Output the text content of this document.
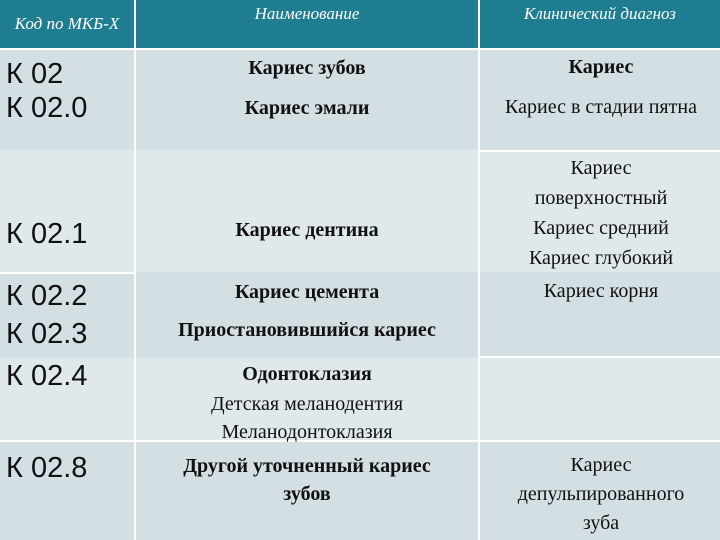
Код по МКБ-Х
Наименование	Клинический диагноз
К 02
К 02.0
К 02.1
К 02.2
К 02.3
К 02.4
К 02.8
Кариес зубов
Кариес эмали
Кариес дентина
Кариес цемента
Приостановившийся кариес
Одонтоклазия
Детская меланодентия
Меланодонтоклазия
Другой уточненный кариес
зубов
Кариес
Кариес в стадии пятна
Кариес
поверхностный
Кариес средний
Кариес глубокий
Кариес корня
Кариес
депульпированного
зуба
